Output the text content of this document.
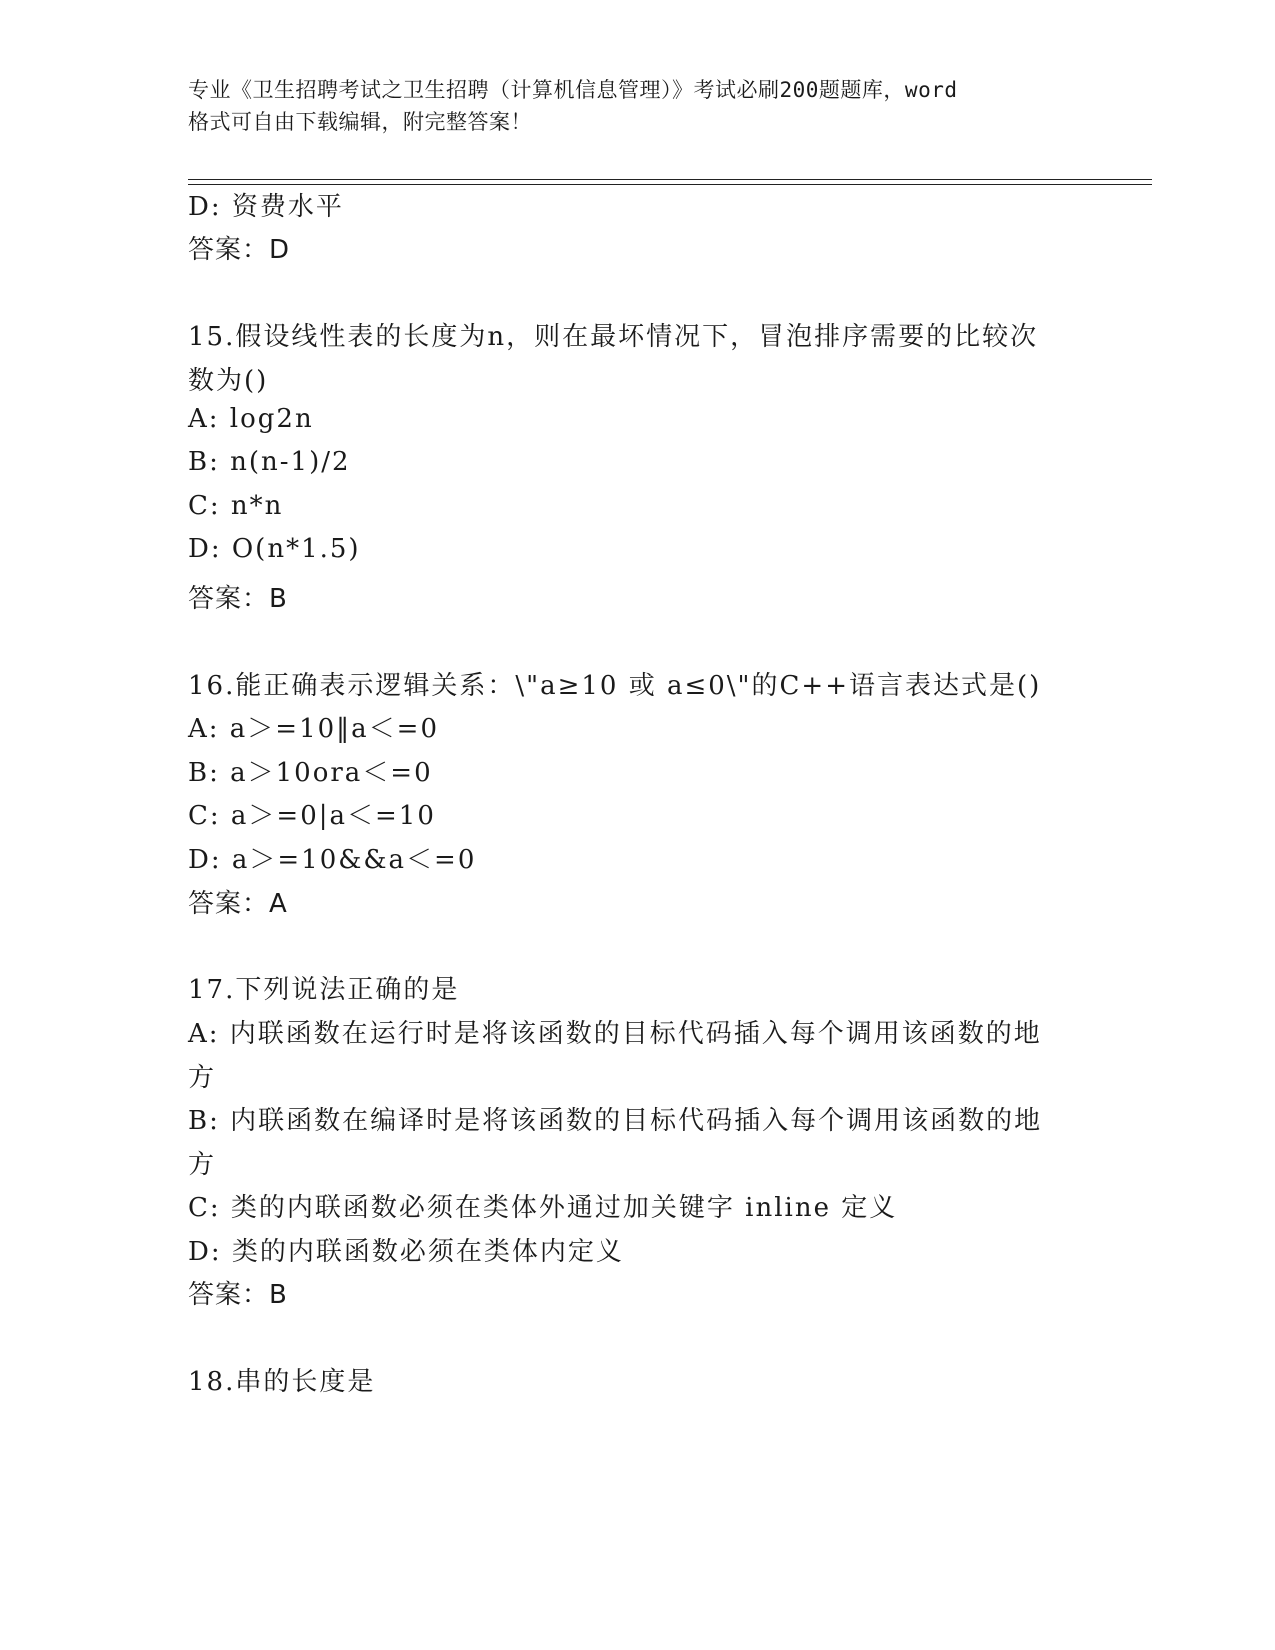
专业《卫生招聘考试之卫生招聘（计算机信息管理）》考试必刷200题题库，word
格式可自由下载编辑，附完整答案！
D: 资费水平
答案：D
15.假设线性表的长度为n，则在最坏情况下，冒泡排序需要的比较次
数为()
A: log2n
B: n(n-1)/2
C: n*n
D: O(n*1.5)
答案：B
16.能正确表示逻辑关系：\"a≥10 或 a≤0\"的C++语言表达式是()
A: a＞=10‖a＜=0
B: a＞10ora＜=0
C: a＞=0|a＜=10
D: a＞=10&&a＜=0
答案：A
17.下列说法正确的是
A: 内联函数在运行时是将该函数的目标代码插入每个调用该函数的地
方
B: 内联函数在编译时是将该函数的目标代码插入每个调用该函数的地
方
C: 类的内联函数必须在类体外通过加关键字 inline 定义
D: 类的内联函数必须在类体内定义
答案：B
18.串的长度是
